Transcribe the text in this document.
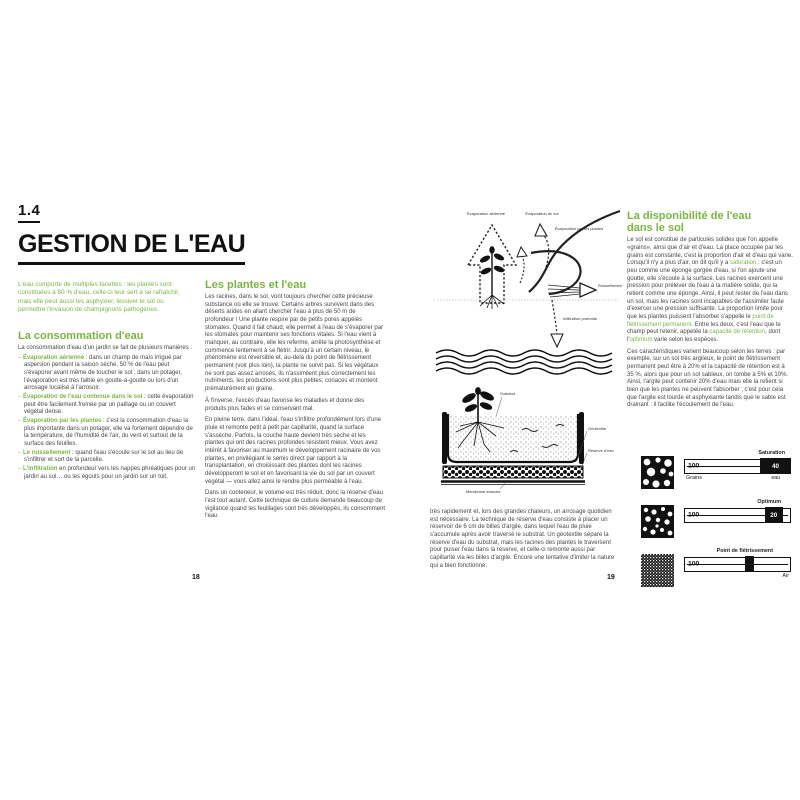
1.4
GESTION DE L'EAU
L'eau comporte de multiples facettes : les plantes sont constituées à 80 % d'eau, celle-ci leur sert à se rafraîchir, mais elle peut aussi les asphyxier, lessiver le sol ou permettre l'invasion de champignons pathogènes.
La consommation d'eau
La consommation d'eau d'un jardin se fait de plusieurs manières :
– Évaporation aérienne : dans un champ de maïs irrigué par aspersion pendant la saison sèche, 50 % de l'eau peut s'évaporer avant même de toucher le sol ; dans un potager, l'évaporation est très faible en goutte-à-goutte ou lors d'un arrosage localisé à l'arrosoir.
– Évaporation de l'eau contenue dans le sol : cette évaporation peut être facilement freinée par un paillage ou un couvert végétal dense.
– Évaporation par les plantes : c'est la consommation d'eau la plus importante dans un potager, elle va fortement dépendre de la température, de l'humidité de l'air, du vent et surtout de la surface des feuilles.
– Le ruissellement : quand l'eau s'écoule sur le sol au lieu de s'infiltrer et sort de la parcelle.
– L'infiltration en profondeur vers les nappes phréatiques pour un jardin au sol… ou les égouts pour un jardin sur un toit.
Les plantes et l'eau

Les racines, dans le sol, vont toujours chercher cette précieuse substance où elle se trouve. Certains arbres survivent dans des déserts arides en allant chercher l'eau à plus de 50 m de profondeur ! Une plante respire par de petits pores appelés stomates. Quand il fait chaud, elle permet à l'eau de s'évaporer par les stomates pour maintenir ses fonctions vitales. Si l'eau vient à manquer, au contraire, elle les referme, arrête la photosynthèse et commence lentement à se flétrir. Jusqu'à un certain niveau, le phénomène est réversible et, au-delà du point de flétrissement permanent (voir plus loin), la plante ne survit pas. Si les végétaux ne sont pas assez arrosés, ils n'assimilent plus correctement les nutriments, les productions sont plus petites, coriaces et montent prématurément en graine.

À l'inverse, l'excès d'eau favorise les maladies et donne des produits plus fades et se conservant mal.

En pleine terre, dans l'idéal, l'eau s'infiltre profondément lors d'une pluie et remonte petit à petit par capillarité, quand la surface s'assèche. Parfois, la couche haute devient très sèche et les plantes qui ont des racines profondes résistent mieux. Vous avez intérêt à favoriser au maximum le développement racinaire de vos plantes, en privilégiant le semis direct par rapport à la transplantation, en choisissant des plantes dont les racines développeront le sol et en favorisant la vie du sol par un couvert végétal — vous allez ainsi le rendre plus perméable à l'eau.

Dans un conteneur, le volume est très réduit, donc la réserve d'eau l'est tout autant. Cette technique de culture demande beaucoup de vigilance quand les feuillages sont très développés, ils consomment l'eau

18
Évaporation aérienne	Évaporation du sol
Évaporation par les plantes
Ruissellement
Infiltration profonde

Substrat
Géotextile
Réserve d'eau
Membrane étanche
très rapidement et, lors des grandes chaleurs, un arrosage quotidien est nécessaire. La technique de réserve d'eau consiste à placer un réservoir de 6 cm de billes d'argile, dans lequel l'eau de pluie s'accumule après avoir traversé le substrat. Un géotextile sépare la réserve d'eau du substrat, mais les racines des plantes le traversent pour puiser l'eau dans la réserve, et celle-ci remonte aussi par capillarité via les billes d'argile. Encore une tentative d'imiter la nature qui a bien fonctionné.
La disponibilité de l'eau dans le sol

Le sol est constitué de particules solides que l'on appelle «grains», ainsi que d'air et d'eau. La place occupée par les grains est constante, c'est la proportion d'air et d'eau qui varie. Lorsqu'il n'y a plus d'air, on dit qu'il y a saturation : c'est un peu comme une éponge gorgée d'eau, si l'on ajoute une goutte, elle s'écoule à la surface. Les racines exercent une pression pour prélever de l'eau à la matière solide, qui la retient comme une éponge. Ainsi, il peut rester de l'eau dans un sol, mais les racines sont incapables de l'assimiler faute d'exercer une pression suffisante. La proportion limite pour que les plantes puissent l'absorber s'appelle le point de flétrissement permanent. Entre les deux, c'est l'eau que le champ peut retenir, appelée la capacité de rétention, dont l'optimum varie selon les espèces.

Ces caractéristiques varient beaucoup selon les terres : par exemple, sur un sol très argileux, le point de flétrissement permanent peut être à 20% et la capacité de rétention est à 35 %, alors que pour un sol sableux, on tombe à 5% et 10%. Ainsi, l'argile peut contenir 20% d'eau mais elle la retient si bien que les plantes ne peuvent l'absorber ; c'est pour cela que l'argile est lourde et asphyxiante tandis que le sable est drainant : il facilite l'écoulement de l'eau.

Saturation
100	40
Grains	eau
Optimum
100	20
Point de flétrissement
100
Air
19
